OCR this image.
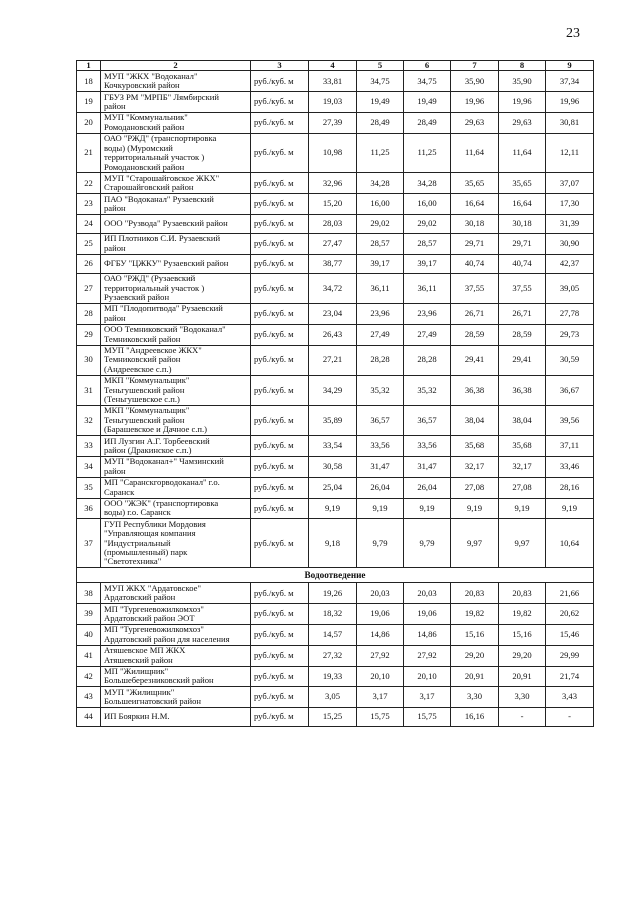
23
1	2	3	4	5	6	7	8	9
18	МУП "ЖКХ "Водоканал"
Кочкуровский район	руб./куб. м	33,81	34,75	34,75	35,90	35,90	37,34
19	ГБУЗ РМ "МРПБ" Лямбирский
район	руб./куб. м	19,03	19,49	19,49	19,96	19,96	19,96
20	МУП "Коммунальник"
Ромодановский район	руб./куб. м	27,39	28,49	28,49	29,63	29,63	30,81
21	ОАО "РЖД" (транспортировка
воды) (Муромский
территориальный участок )
Ромодановский район	руб./куб. м	10,98	11,25	11,25	11,64	11,64	12,11
22	МУП "Старошайговское ЖКХ"
Старошайговский район	руб./куб. м	32,96	34,28	34,28	35,65	35,65	37,07
23	ПАО "Водоканал" Рузаевский
район	руб./куб. м	15,20	16,00	16,00	16,64	16,64	17,30
24	ООО "Рузвода" Рузаевский район	руб./куб. м	28,03	29,02	29,02	30,18	30,18	31,39
25	ИП Плотников С.И. Рузаевский
район	руб./куб. м	27,47	28,57	28,57	29,71	29,71	30,90
26	ФГБУ "ЦЖКУ" Рузаевский район	руб./куб. м	38,77	39,17	39,17	40,74	40,74	42,37
27	ОАО "РЖД" (Рузаевский
территориальный участок )
Рузаевский район	руб./куб. м	34,72	36,11	36,11	37,55	37,55	39,05
28	МП "Плодопитвода" Рузаевский
район	руб./куб. м	23,04	23,96	23,96	26,71	26,71	27,78
29	ООО Темниковский "Водоканал"
Темниковский район	руб./куб. м	26,43	27,49	27,49	28,59	28,59	29,73
30	МУП "Андреевское ЖКХ"
Темниковский район
(Андреевское с.п.)	руб./куб. м	27,21	28,28	28,28	29,41	29,41	30,59
31	МКП "Коммунальщик"
Теньгушевский район
(Теньгушевское с.п.)	руб./куб. м	34,29	35,32	35,32	36,38	36,38	36,67
32	МКП "Коммунальщик"
Теньгушевский район
(Барашевское и Дачное с.п.)	руб./куб. м	35,89	36,57	36,57	38,04	38,04	39,56
33	ИП Лузгин А.Г. Торбеевский
район (Дракинское с.п.)	руб./куб. м	33,54	33,56	33,56	35,68	35,68	37,11
34	МУП "Водоканал+" Чамзинский
район	руб./куб. м	30,58	31,47	31,47	32,17	32,17	33,46
35	МП "Саранскгорводоканал" г.о.
Саранск	руб./куб. м	25,04	26,04	26,04	27,08	27,08	28,16
36	ООО "ЖЭК" (транспортировка
воды) г.о. Саранск	руб./куб. м	9,19	9,19	9,19	9,19	9,19	9,19
37	ГУП Республики Мордовия
"Управляющая компания
"Индустриальный
(промышленный) парк
"Светотехника"	руб./куб. м	9,18	9,79	9,79	9,97	9,97	10,64
Водоотведение								
38	МУП ЖКХ "Ардатовское"
Ардатовский район	руб./куб. м	19,26	20,03	20,03	20,83	20,83	21,66
39	МП "Тургеневожилкомхоз"
Ардатовский район ЭОТ	руб./куб. м	18,32	19,06	19,06	19,82	19,82	20,62
40	МП "Тургеневожилкомхоз"
Ардатовский район для населения	руб./куб. м	14,57	14,86	14,86	15,16	15,16	15,46
41	Атяшевское МП ЖКХ
Атяшевский район	руб./куб. м	27,32	27,92	27,92	29,20	29,20	29,99
42	МП "Жилищник"
Большеберезниковский район	руб./куб. м	19,33	20,10	20,10	20,91	20,91	21,74
43	МУП "Жилищник"
Большеигнатовский район	руб./куб. м	3,05	3,17	3,17	3,30	3,30	3,43
44	ИП Бояркин Н.М.	руб./куб. м	15,25	15,75	15,75	16,16	-	-
